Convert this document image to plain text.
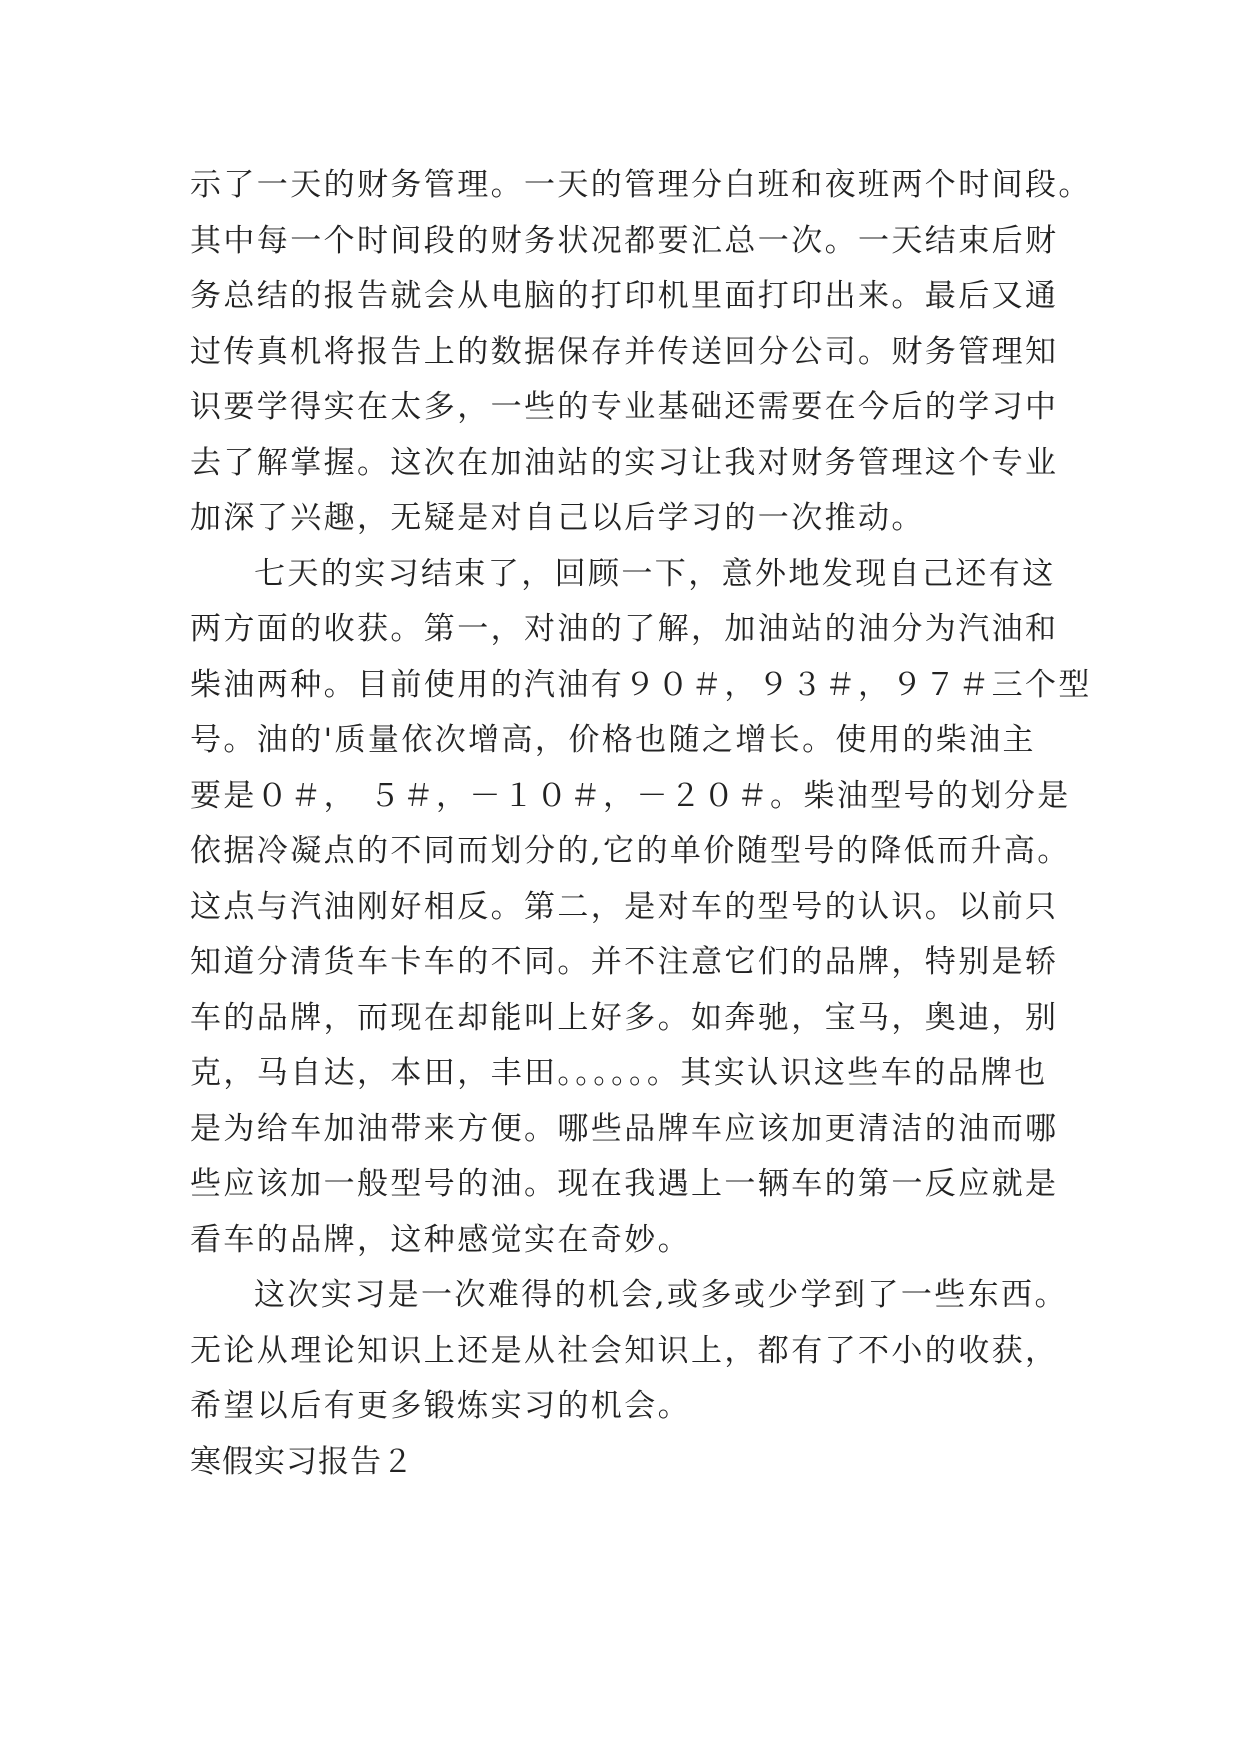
示了一天的财务管理。一天的管理分白班和夜班两个时间段。
其中每一个时间段的财务状况都要汇总一次。一天结束后财
务总结的报告就会从电脑的打印机里面打印出来。最后又通
过传真机将报告上的数据保存并传送回分公司。财务管理知
识要学得实在太多，一些的专业基础还需要在今后的学习中
去了解掌握。这次在加油站的实习让我对财务管理这个专业
加深了兴趣，无疑是对自己以后学习的一次推动。
七天的实习结束了，回顾一下，意外地发现自己还有这
两方面的收获。第一，对油的了解，加油站的油分为汽油和
柴油两种。目前使用的汽油有９０＃，９３＃，９７＃三个型
号。油的'质量依次增高，价格也随之增长。使用的柴油主
要是０＃， ５＃，－１０＃，－２０＃。柴油型号的划分是
依据冷凝点的不同而划分的,它的单价随型号的降低而升高。
这点与汽油刚好相反。第二，是对车的型号的认识。以前只
知道分清货车卡车的不同。并不注意它们的品牌，特别是轿
车的品牌，而现在却能叫上好多。如奔驰，宝马，奥迪，别
克，马自达，本田，丰田。。。。。。其实认识这些车的品牌也
是为给车加油带来方便。哪些品牌车应该加更清洁的油而哪
些应该加一般型号的油。现在我遇上一辆车的第一反应就是
看车的品牌，这种感觉实在奇妙。
这次实习是一次难得的机会,或多或少学到了一些东西。
无论从理论知识上还是从社会知识上，都有了不小的收获，
希望以后有更多锻炼实习的机会。
寒假实习报告２
